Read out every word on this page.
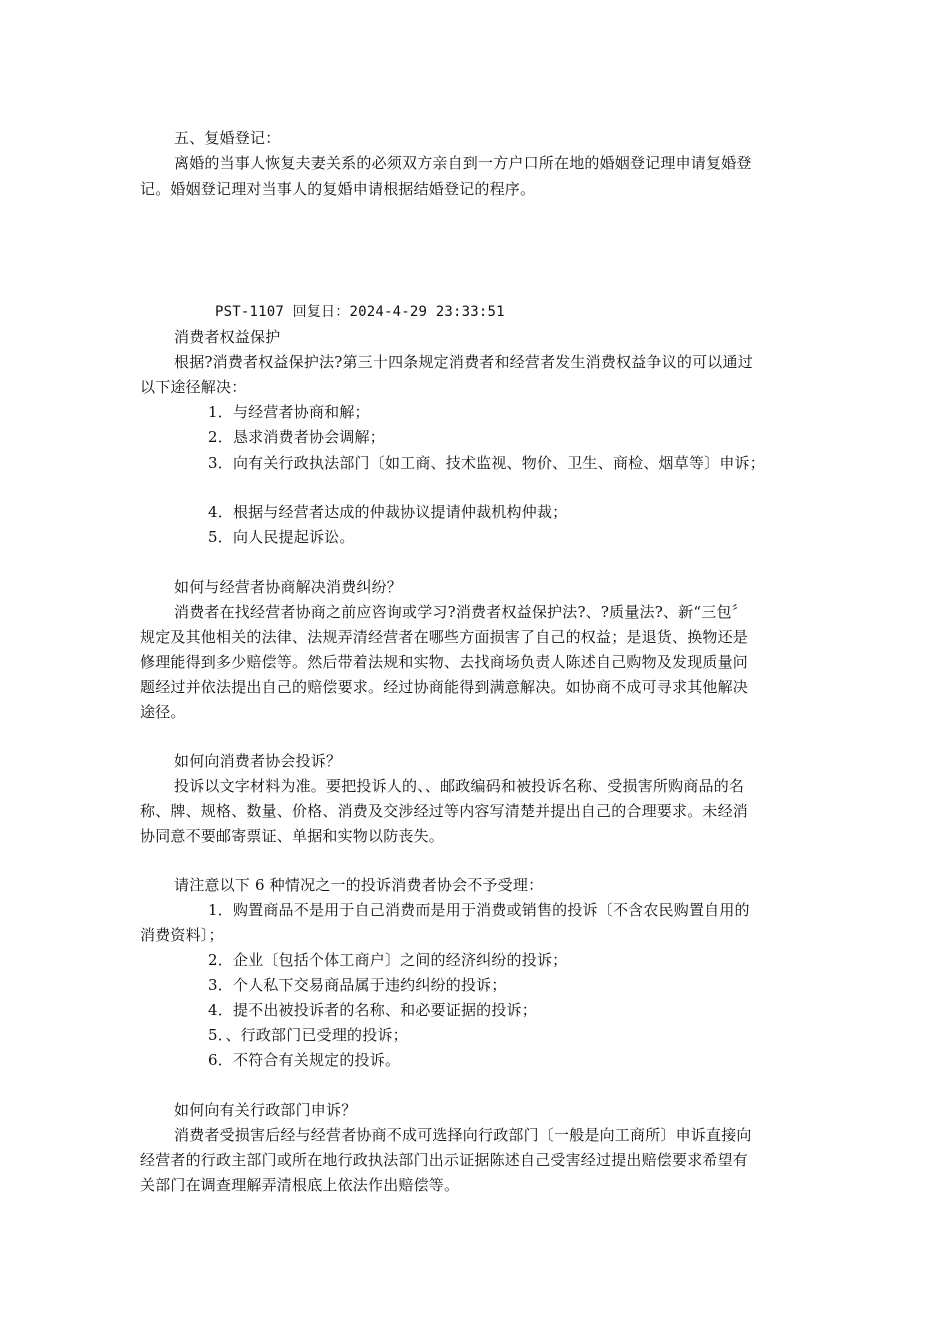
五、复婚登记：
离婚的当事人恢复夫妻关系的必须双方亲自到一方户口所在地的婚姻登记理申请复婚登
记。婚姻登记理对当事人的复婚申请根据结婚登记的程序。
PST-1107 回复日：2024-4-29 23:33:51
消费者权益保护
根据?消费者权益保护法?第三十四条规定消费者和经营者发生消费权益争议的可以通过
以下途径解决：
1．与经营者协商和解；
2．恳求消费者协会调解；
3．向有关行政执法部门〔如工商、技术监视、物价、卫生、商检、烟草等〕申诉；
4．根据与经营者达成的仲裁协议提请仲裁机构仲裁；
5．向人民提起诉讼。
如何与经营者协商解决消费纠纷？
消费者在找经营者协商之前应咨询或学习?消费者权益保护法?、?质量法?、新“三包〞
规定及其他相关的法律、法规弄清经营者在哪些方面损害了自己的权益；是退货、换物还是
修理能得到多少赔偿等。然后带着法规和实物、去找商场负责人陈述自己购物及发现质量问
题经过并依法提出自己的赔偿要求。经过协商能得到满意解决。如协商不成可寻求其他解决
途径。
如何向消费者协会投诉？
投诉以文字材料为准。要把投诉人的、、邮政编码和被投诉名称、受损害所购商品的名
称、牌、规格、数量、价格、消费及交涉经过等内容写清楚并提出自己的合理要求。未经消
协同意不要邮寄票证、单据和实物以防丧失。
请注意以下 6 种情况之一的投诉消费者协会不予受理：
1．购置商品不是用于自己消费而是用于消费或销售的投诉〔不含农民购置自用的
消费资料〕；
2．企业〔包括个体工商户〕之间的经济纠纷的投诉；
3．个人私下交易商品属于违约纠纷的投诉；
4．提不出被投诉者的名称、和必要证据的投诉；
5．、行政部门已受理的投诉；
6．不符合有关规定的投诉。
如何向有关行政部门申诉？
消费者受损害后经与经营者协商不成可选择向行政部门〔一般是向工商所〕申诉直接向
经营者的行政主部门或所在地行政执法部门出示证据陈述自己受害经过提出赔偿要求希望有
关部门在调查理解弄清根底上依法作出赔偿等。
